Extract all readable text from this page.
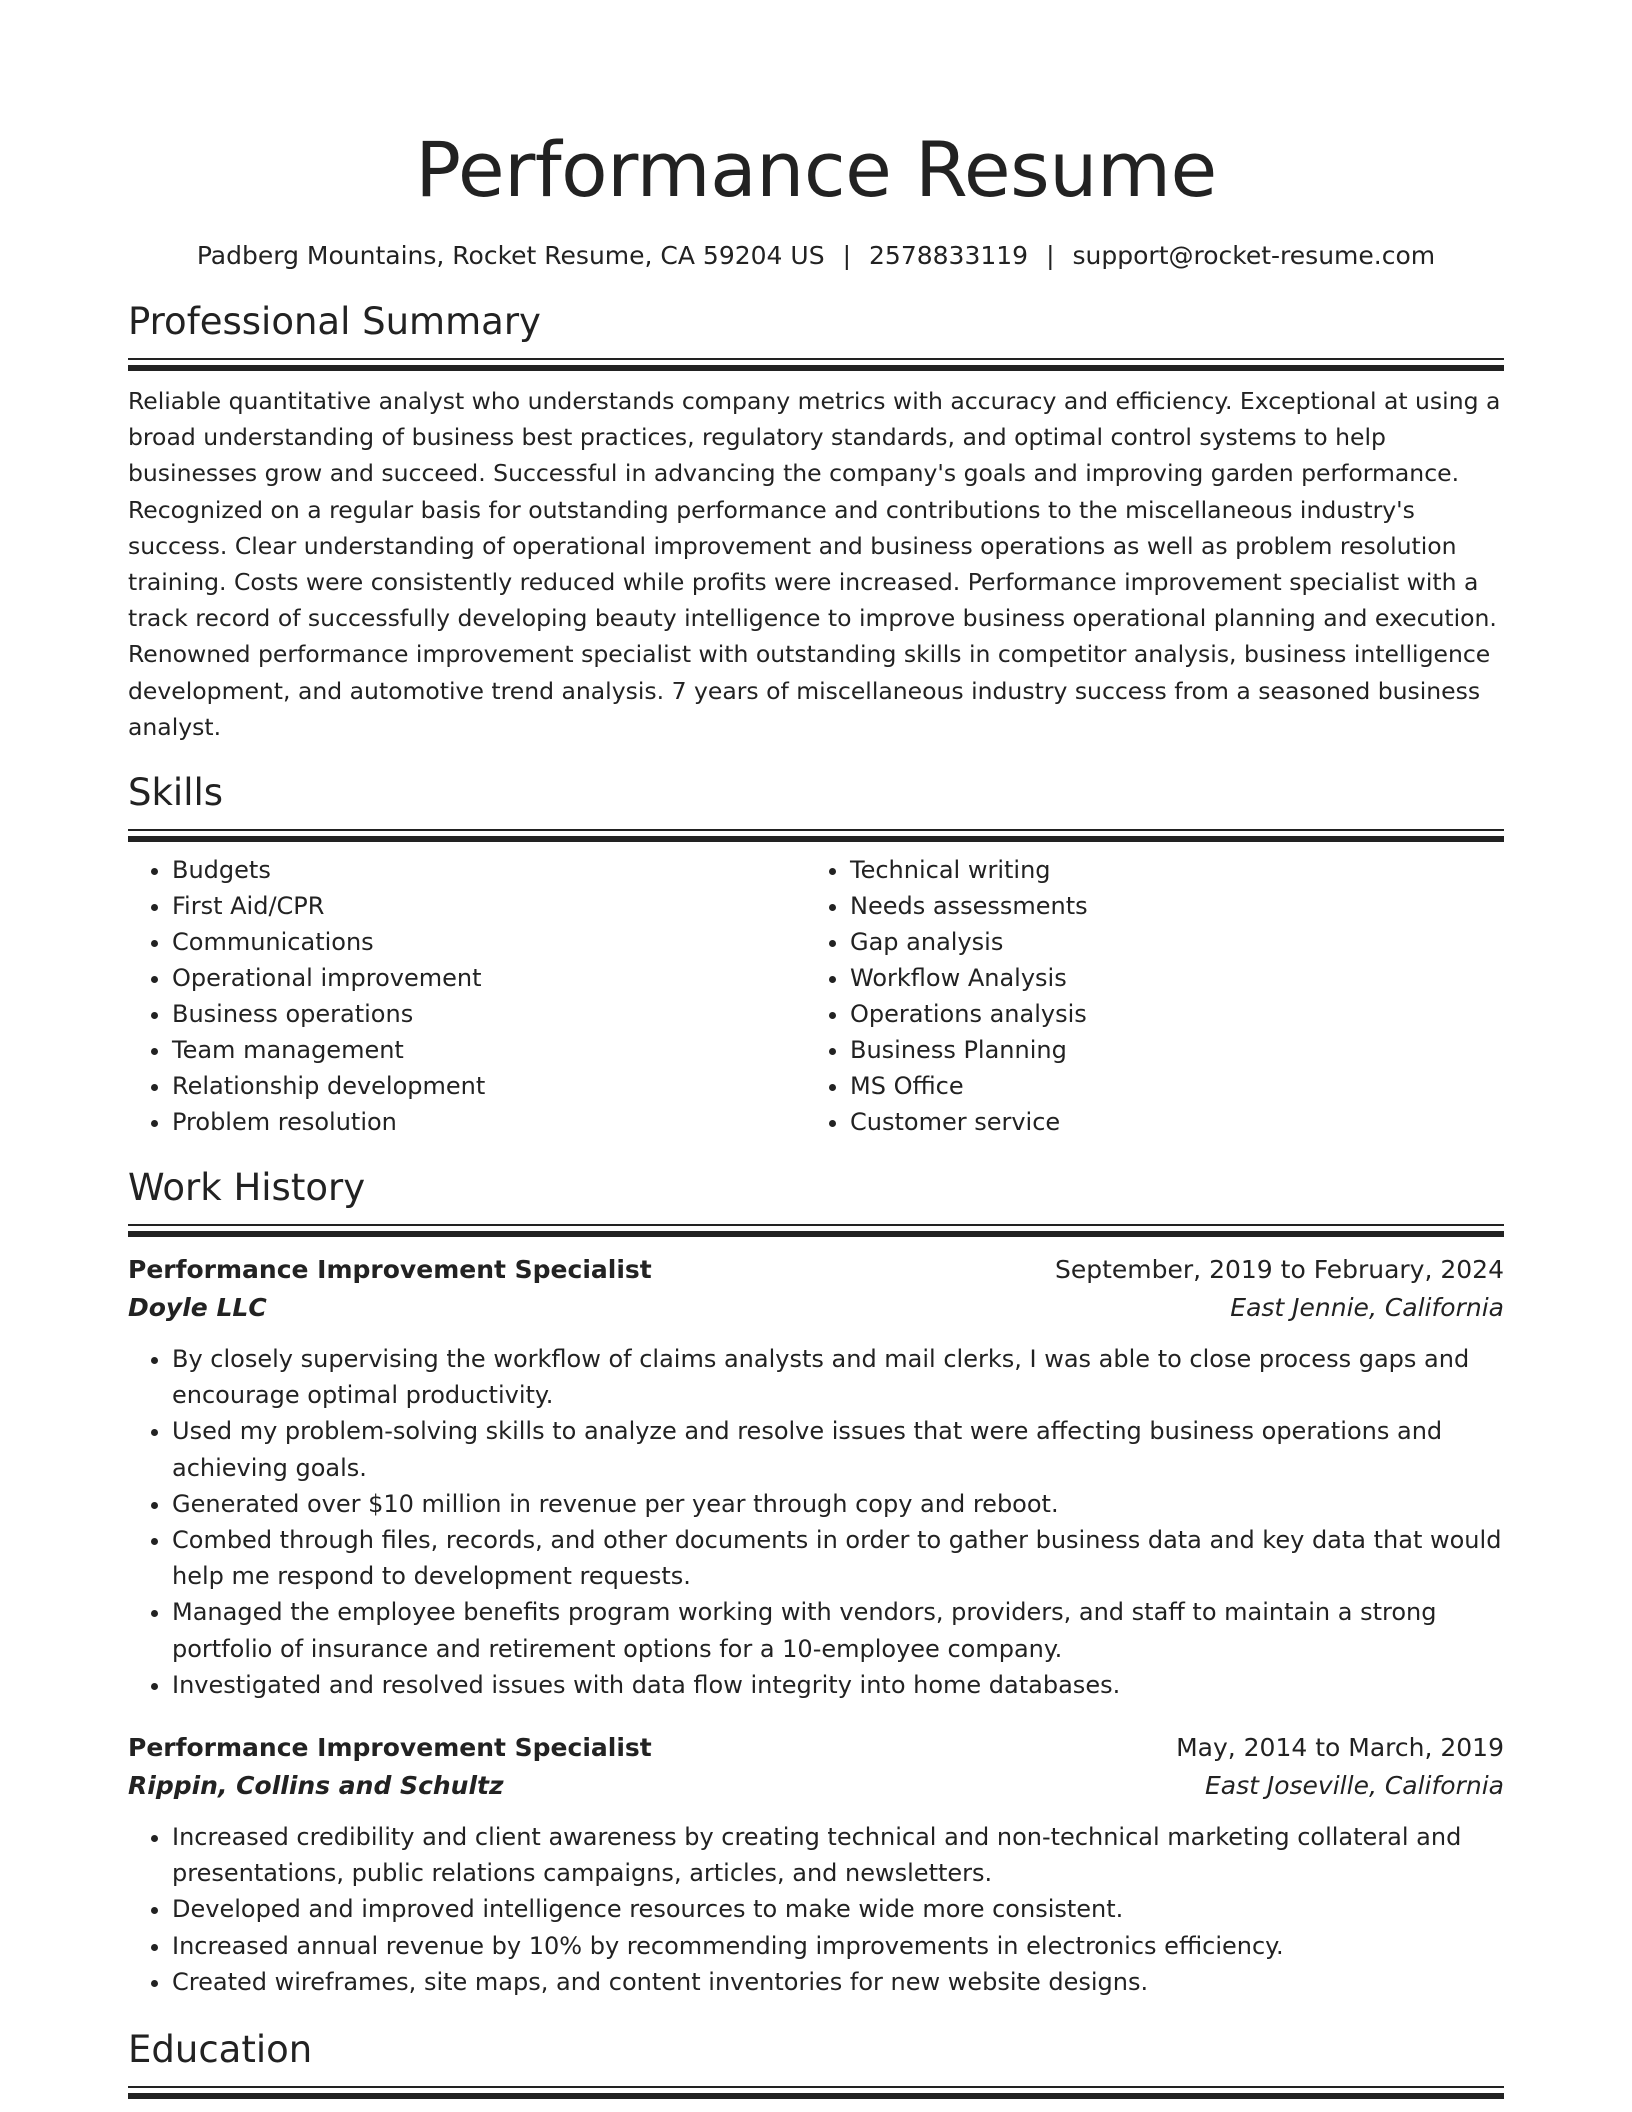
Performance Resume
Padberg Mountains, Rocket Resume, CA 59204 US | 2578833119 | support@rocket-resume.com
Professional Summary

Reliable quantitative analyst who understands company metrics with accuracy and efficiency. Exceptional at using a broad understanding of business best practices, regulatory standards, and optimal control systems to help businesses grow and succeed. Successful in advancing the company's goals and improving garden performance. Recognized on a regular basis for outstanding performance and contributions to the miscellaneous industry's success. Clear understanding of operational improvement and business operations as well as problem resolution training. Costs were consistently reduced while profits were increased. Performance improvement specialist with a track record of successfully developing beauty intelligence to improve business operational planning and execution. Renowned performance improvement specialist with outstanding skills in competitor analysis, business intelligence development, and automotive trend analysis. 7 years of miscellaneous industry success from a seasoned business analyst.

Skills
• Budgets
• First Aid/CPR
• Communications
• Operational improvement
• Business operations
• Team management
• Relationship development
• Problem resolution
• Technical writing
• Needs assessments
• Gap analysis
• Workflow Analysis
• Operations analysis
• Business Planning
• MS Office
• Customer service
Work History
Performance Improvement Specialist	September, 2019 to February, 2024
Doyle LLC	East Jennie, California
• By closely supervising the workflow of claims analysts and mail clerks, I was able to close process gaps and encourage optimal productivity.
• Used my problem-solving skills to analyze and resolve issues that were affecting business operations and achieving goals.
• Generated over $10 million in revenue per year through copy and reboot.
• Combed through files, records, and other documents in order to gather business data and key data that would help me respond to development requests.
• Managed the employee benefits program working with vendors, providers, and staff to maintain a strong portfolio of insurance and retirement options for a 10-employee company.
• Investigated and resolved issues with data flow integrity into home databases.
Performance Improvement Specialist	May, 2014 to March, 2019
Rippin, Collins and Schultz	East Joseville, California
• Increased credibility and client awareness by creating technical and non-technical marketing collateral and presentations, public relations campaigns, articles, and newsletters.
• Developed and improved intelligence resources to make wide more consistent.
• Increased annual revenue by 10% by recommending improvements in electronics efficiency.
• Created wireframes, site maps, and content inventories for new website designs.
Education
